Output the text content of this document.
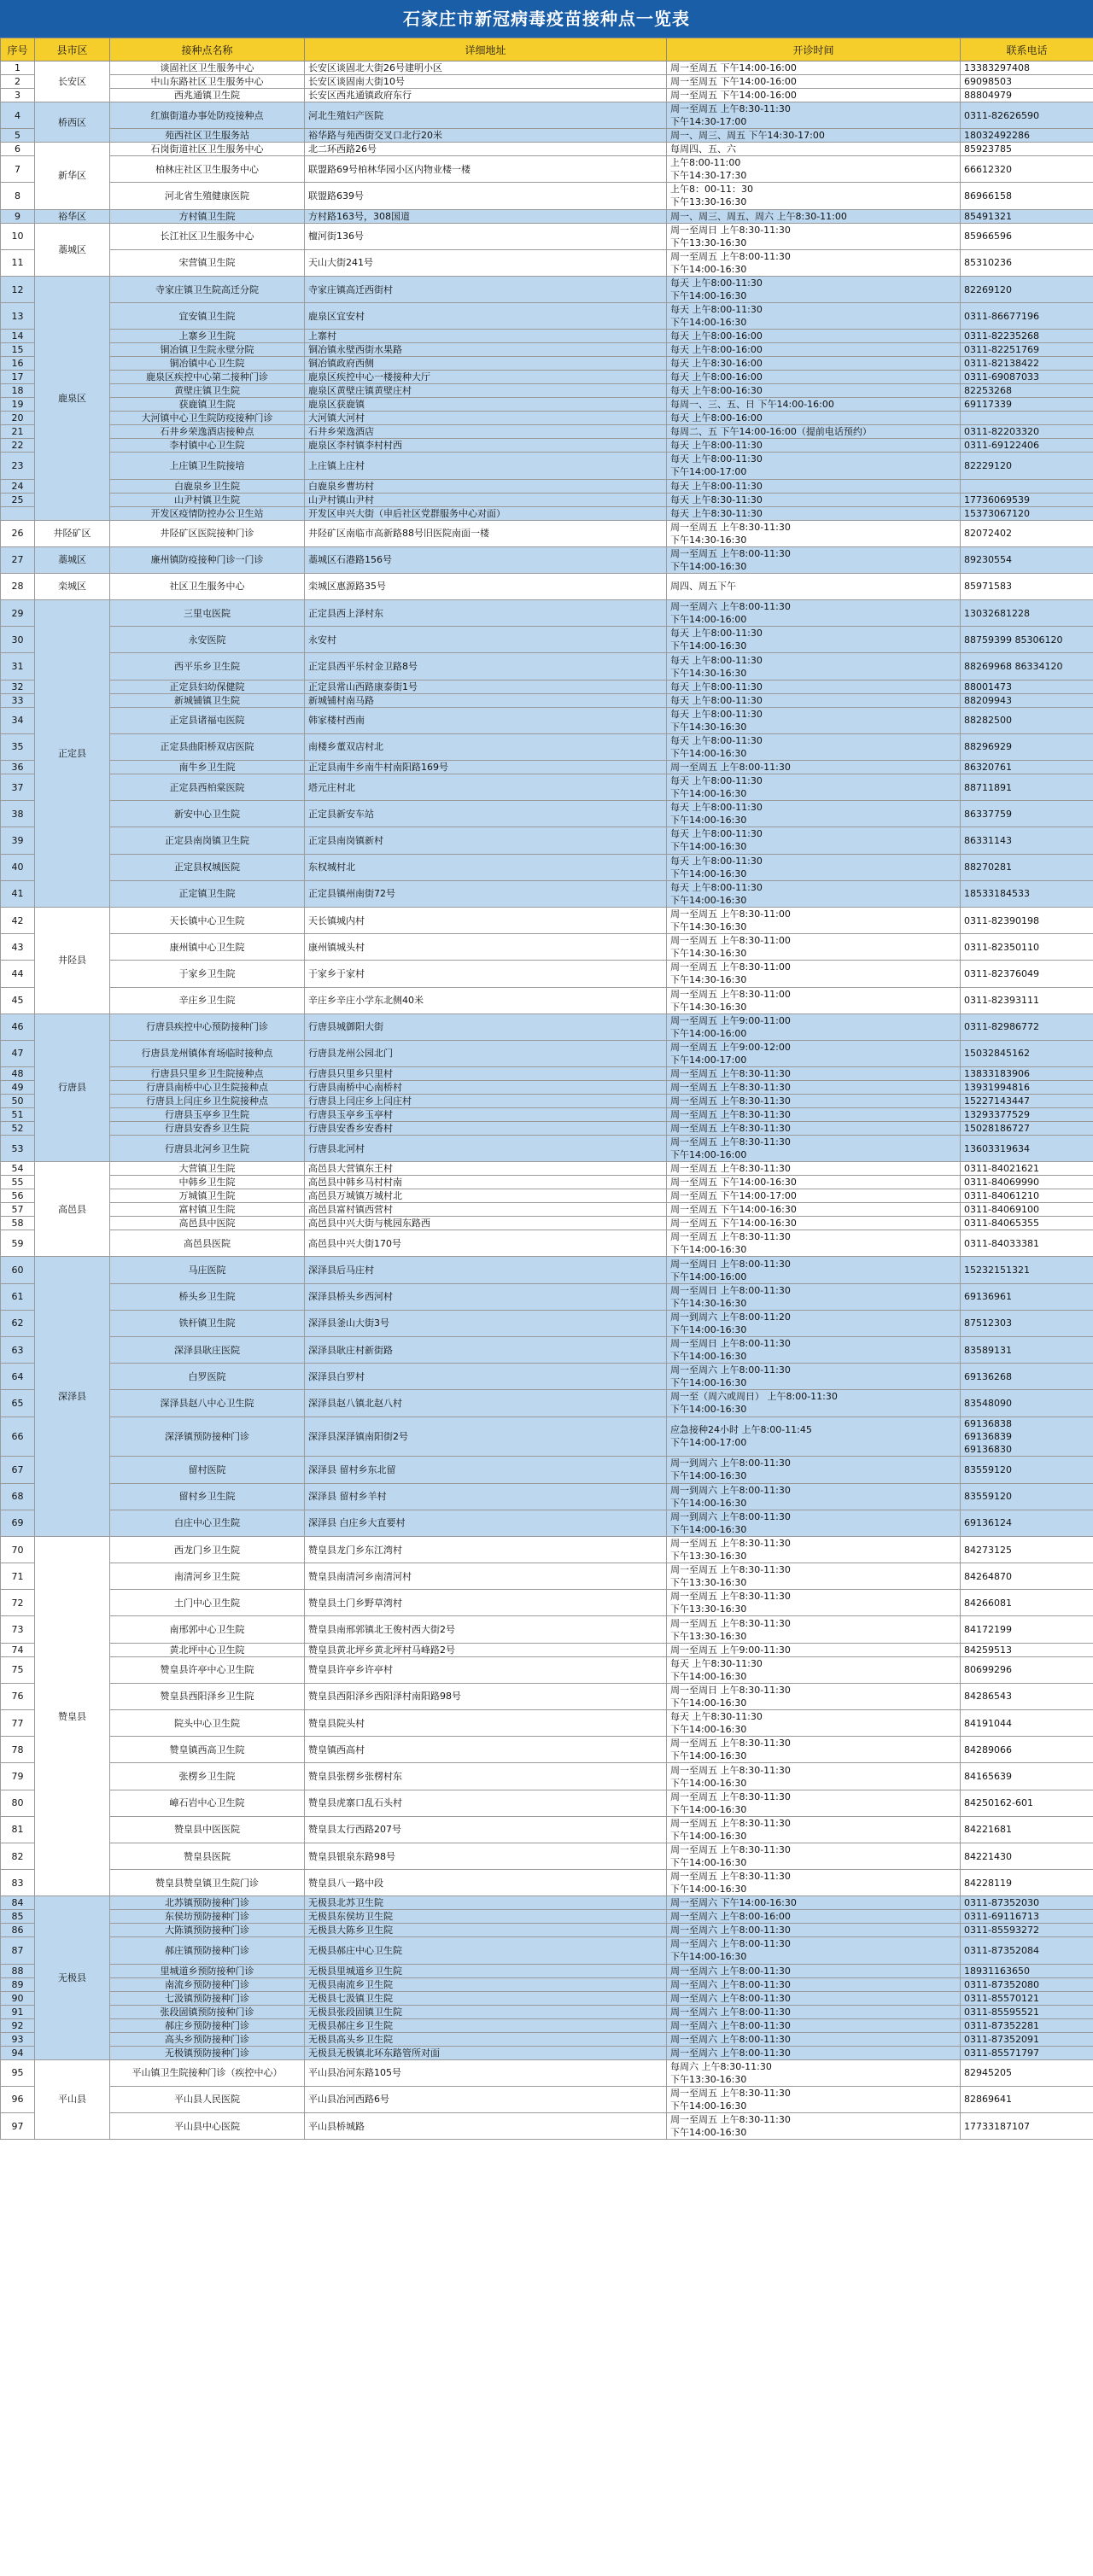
石家庄市新冠病毒疫苗接种点一览表
序号	县市区	接种点名称	详细地址	开诊时间	联系电话
1	长安区	谈固社区卫生服务中心	长安区谈固北大街26号建明小区	周一至周五 下午14:00-16:00	13383297408
2		中山东路社区卫生服务中心	长安区谈固南大街10号	周一至周五 下午14:00-16:00	69098503
3		西兆通镇卫生院	长安区西兆通镇政府东行	周一至周五 下午14:00-16:00	88804979
4	桥西区	红旗街道办事处防疫接种点	河北生殖妇产医院	周一至周五 上午8:30-11:30
下午14:30-17:00	0311-82626590
5		苑西社区卫生服务站	裕华路与苑西街交叉口北行20米	周一、周三、周五 下午14:30-17:00	18032492286
6	新华区	石岗街道社区卫生服务中心	北二环西路26号	每周四、五、六	85923785
7		柏林庄社区卫生服务中心	联盟路69号柏林华园小区内物业楼一楼	上午8:00-11:00
下午14:30-17:30	66612320
8		河北省生殖健康医院	联盟路639号	上午8：00-11：30
下午13:30-16:30	86966158
9	裕华区	方村镇卫生院	方村路163号，308国道	周一、周三、周五、周六 上午8:30-11:00	85491321
10	藁城区	长江社区卫生服务中心	檀河街136号	周一至周日 上午8:30-11:30
下午13:30-16:30	85966596
11		宋营镇卫生院	天山大街241号	周一至周五 上午8:00-11:30
下午14:00-16:30	85310236
12	鹿泉区	寺家庄镇卫生院高迁分院	寺家庄镇高迁西街村	每天 上午8:00-11:30
下午14:00-16:30	82269120
13		宜安镇卫生院	鹿泉区宜安村	每天 上午8:00-11:30
下午14:00-16:30	0311-86677196
14		上寨乡卫生院	上寨村	每天 上午8:00-16:00	0311-82235268
15		铜冶镇卫生院永壁分院	铜冶镇永壁西街水果路	每天 上午8:00-16:00	0311-82251769
16		铜冶镇中心卫生院	铜冶镇政府西侧	每天 上午8:30-16:00	0311-82138422
17		鹿泉区疾控中心第二接种门诊	鹿泉区疾控中心一楼接种大厅	每天 上午8:00-16:00	0311-69087033
18		黄壁庄镇卫生院	鹿泉区黄壁庄镇黄壁庄村	每天 上午8:00-16:30	82253268
19		获鹿镇卫生院	鹿泉区获鹿镇	每周一、三、五、日 下午14:00-16:00	69117339
20		大河镇中心卫生院防疫接种门诊	大河镇大河村	每天 上午8:00-16:00	
21		石井乡荣逸酒店接种点	石井乡荣逸酒店	每周二、五 下午14:00-16:00（提前电话预约）	0311-82203320
22		李村镇中心卫生院	鹿泉区李村镇李村村西	每天 上午8:00-11:30	0311-69122406
23		上庄镇卫生院接培	上庄镇上庄村	每天 上午8:00-11:30
下午14:00-17:00	82229120
24		白鹿泉乡卫生院	白鹿泉乡曹坊村	每天 上午8:00-11:30	
25		山尹村镇卫生院	山尹村镇山尹村	每天 上午8:30-11:30	17736069539
		开发区疫情防控办公卫生站	开发区申兴大街（申后社区党群服务中心对面）	每天 上午8:30-11:30	15373067120
26	井陉矿区	井陉矿区医院接种门诊	井陉矿区南临市高新路88号旧医院南面一楼	周一至周五 上午8:30-11:30
下午14:30-16:30	82072402
27	藁城区	廉州镇防疫接种门诊一门诊	藁城区石港路156号	周一至周五 上午8:00-11:30
下午14:00-16:30	89230554
28	栾城区	社区卫生服务中心	栾城区惠源路35号	周四、周五下午	85971583
29	正定县	三里屯医院	正定县西上泽村东	周一至周六 上午8:00-11:30
下午14:00-16:00	13032681228
30		永安医院	永安村	每天 上午8:00-11:30
下午14:00-16:30	88759399 85306120
31		西平乐乡卫生院	正定县西平乐村金卫路8号	每天 上午8:00-11:30
下午14:30-16:30	88269968 86334120
32		正定县妇幼保健院	正定县常山西路康泰街1号	每天 上午8:00-11:30	88001473
33		新城铺镇卫生院	新城铺村南马路	每天 上午8:00-11:30	88209943
34		正定县诸福屯医院	韩家楼村西南	每天 上午8:00-11:30
下午14:30-16:30	88282500
35		正定县曲阳桥双店医院	南楼乡董双店村北	每天 上午8:00-11:30
下午14:00-16:30	88296929
36		南牛乡卫生院	正定县南牛乡南牛村南阳路169号	周一至周五 上午8:00-11:30	86320761
37		正定县西柏棠医院	塔元庄村北	每天 上午8:00-11:30
下午14:00-16:30	88711891
38		新安中心卫生院	正定县新安车站	每天 上午8:00-11:30
下午14:00-16:30	86337759
39		正定县南岗镇卫生院	正定县南岗镇新村	每天 上午8:00-11:30
下午14:00-16:30	86331143
40		正定县权城医院	东权城村北	每天 上午8:00-11:30
下午14:00-16:30	88270281
41		正定镇卫生院	正定县镇州南街72号	每天 上午8:00-11:30
下午14:00-16:30	18533184533
42	井陉县	天长镇中心卫生院	天长镇城内村	周一至周五 上午8:30-11:00
下午14:30-16:30	0311-82390198
43		康州镇中心卫生院	康州镇城头村	周一至周五 上午8:30-11:00
下午14:30-16:30	0311-82350110
44		于家乡卫生院	于家乡于家村	周一至周五 上午8:30-11:00
下午14:30-16:30	0311-82376049
45		辛庄乡卫生院	辛庄乡辛庄小学东北侧40米	周一至周五 上午8:30-11:00
下午14:30-16:30	0311-82393111
46	行唐县	行唐县疾控中心预防接种门诊	行唐县城御阳大街	周一至周五 上午9:00-11:00
下午14:00-16:00	0311-82986772
47		行唐县龙州镇体育场临时接种点	行唐县龙州公园北门	周一至周五 上午9:00-12:00
下午14:00-17:00	15032845162
48		行唐县只里乡卫生院接种点	行唐县只里乡只里村	周一至周五 上午8:30-11:30	13833183906
49		行唐县南桥中心卫生院接种点	行唐县南桥中心南桥村	周一至周五 上午8:30-11:30	13931994816
50		行唐县上闫庄乡卫生院接种点	行唐县上闫庄乡上闫庄村	周一至周五 上午8:30-11:30	15227143447
51		行唐县玉亭乡卫生院	行唐县玉亭乡玉亭村	周一至周五 上午8:30-11:30	13293377529
52		行唐县安香乡卫生院	行唐县安香乡安香村	周一至周五 上午8:30-11:30	15028186727
53		行唐县北河乡卫生院	行唐县北河村	周一至周五 上午8:30-11:30
下午14:00-16:00	13603319634
54	高邑县	大营镇卫生院	高邑县大营镇东王村	周一至周五 上午8:30-11:30	0311-84021621
55		中韩乡卫生院	高邑县中韩乡马村村南	周一至周五 下午14:00-16:30	0311-84069990
56		万城镇卫生院	高邑县万城镇万城村北	周一至周五 下午14:00-17:00	0311-84061210
57		富村镇卫生院	高邑县富村镇西营村	周一至周五 下午14:00-16:30	0311-84069100
58		高邑县中医院	高邑县中兴大街与桃园东路西	周一至周五 下午14:00-16:30	0311-84065355
59		高邑县医院	高邑县中兴大街170号	周一至周五 上午8:30-11:30
下午14:00-16:30	0311-84033381
60	深泽县	马庄医院	深泽县后马庄村	周一至周日 上午8:00-11:30
下午14:00-16:00	15232151321
61		桥头乡卫生院	深泽县桥头乡西河村	周一至周日 上午8:00-11:30
下午14:30-16:30	69136961
62		铁杆镇卫生院	深泽县釜山大街3号	周一到周六 上午8:00-11:20
下午14:00-16:30	87512303
63		深泽县耿庄医院	深泽县耿庄村新街路	周一至周日 上午8:00-11:30
下午14:00-16:30	83589131
64		白罗医院	深泽县白罗村	周一至周六 上午8:00-11:30
下午14:00-16:30	69136268
65		深泽县赵八中心卫生院	深泽县赵八镇北赵八村	周一至（周六或周日） 上午8:00-11:30
下午14:00-16:30	83548090
66		深泽镇预防接种门诊	深泽县深泽镇南阳街2号	应急接种24小时 上午8:00-11:45
下午14:00-17:00	69136838
69136839
69136830
67		留村医院	深泽县 留村乡东北留	周一到周六 上午8:00-11:30
下午14:00-16:30	83559120
68		留村乡卫生院	深泽县 留村乡羊村	周一到周六 上午8:00-11:30
下午14:00-16:30	83559120
69		白庄中心卫生院	深泽县 白庄乡大直要村	周一到周六 上午8:00-11:30
下午14:00-16:30	69136124
70	赞皇县	西龙门乡卫生院	赞皇县龙门乡东江湾村	周一至周五 上午8:30-11:30
下午13:30-16:30	84273125
71		南清河乡卫生院	赞皇县南清河乡南清河村	周一至周五 上午8:30-11:30
下午13:30-16:30	84264870
72		土门中心卫生院	赞皇县土门乡野草湾村	周一至周五 上午8:30-11:30
下午13:30-16:30	84266081
73		南邢郭中心卫生院	赞皇县南邢郭镇北王俊村西大街2号	周一至周五 上午8:30-11:30
下午13:30-16:30	84172199
74		黄北坪中心卫生院	赞皇县黄北坪乡黄北坪村马峰路2号	周一至周五 上午9:00-11:30	84259513
75		赞皇县许亭中心卫生院	赞皇县许亭乡许亭村	每天 上午8:30-11:30
下午14:00-16:30	80699296
76		赞皇县西阳泽乡卫生院	赞皇县西阳泽乡西阳泽村南阳路98号	周一至周日 上午8:30-11:30
下午14:00-16:30	84286543
77		院头中心卫生院	赞皇县院头村	每天 上午8:30-11:30
下午14:00-16:30	84191044
78		赞皇镇西高卫生院	赞皇镇西高村	周一至周五 上午8:30-11:30
下午14:00-16:30	84289066
79		张楞乡卫生院	赞皇县张楞乡张楞村东	周一至周五 上午8:30-11:30
下午14:00-16:30	84165639
80		嶂石岩中心卫生院	赞皇县虎寨口乱石头村	周一至周五 上午8:30-11:30
下午14:00-16:30	84250162-601
81		赞皇县中医医院	赞皇县太行西路207号	周一至周五 上午8:30-11:30
下午14:00-16:30	84221681
82		赞皇县医院	赞皇县银泉东路98号	周一至周五 上午8:30-11:30
下午14:00-16:30	84221430
83		赞皇县赞皇镇卫生院门诊	赞皇县八一路中段	周一至周五 上午8:30-11:30
下午14:00-16:30	84228119
84	无极县	北苏镇预防接种门诊	无极县北苏卫生院	周一至周六 下午14:00-16:30	0311-87352030
85		东侯坊预防接种门诊	无极县东侯坊卫生院	周一至周六 上午8:00-16:00	0311-69116713
86		大陈镇预防接种门诊	无极县大陈乡卫生院	周一至周六 上午8:00-11:30	0311-85593272
87		郝庄镇预防接种门诊	无极县郝庄中心卫生院	周一至周六 上午8:00-11:30
下午14:00-16:30	0311-87352084
88		里城道乡预防接种门诊	无极县里城道乡卫生院	周一至周六 上午8:00-11:30	18931163650
89		南流乡预防接种门诊	无极县南流乡卫生院	周一至周六 上午8:00-11:30	0311-87352080
90		七汲镇预防接种门诊	无极县七汲镇卫生院	周一至周六 上午8:00-11:30	0311-85570121
91		张段固镇预防接种门诊	无极县张段固镇卫生院	周一至周六 上午8:00-11:30	0311-85595521
92		郝庄乡预防接种门诊	无极县郝庄乡卫生院	周一至周六 上午8:00-11:30	0311-87352281
93		高头乡预防接种门诊	无极县高头乡卫生院	周一至周六 上午8:00-11:30	0311-87352091
94		无极镇预防接种门诊	无极县无极镇北环东路管所对面	周一至周六 上午8:00-11:30	0311-85571797
95	平山县	平山镇卫生院接种门诊（疾控中心）	平山县冶河东路105号	每周六 上午8:30-11:30
下午13:30-16:30	82945205
96		平山县人民医院	平山县冶河西路6号	周一至周五 上午8:30-11:30
下午14:00-16:30	82869641
97		平山县中心医院	平山县桥城路	周一至周五 上午8:30-11:30
下午14:00-16:30	17733187107
